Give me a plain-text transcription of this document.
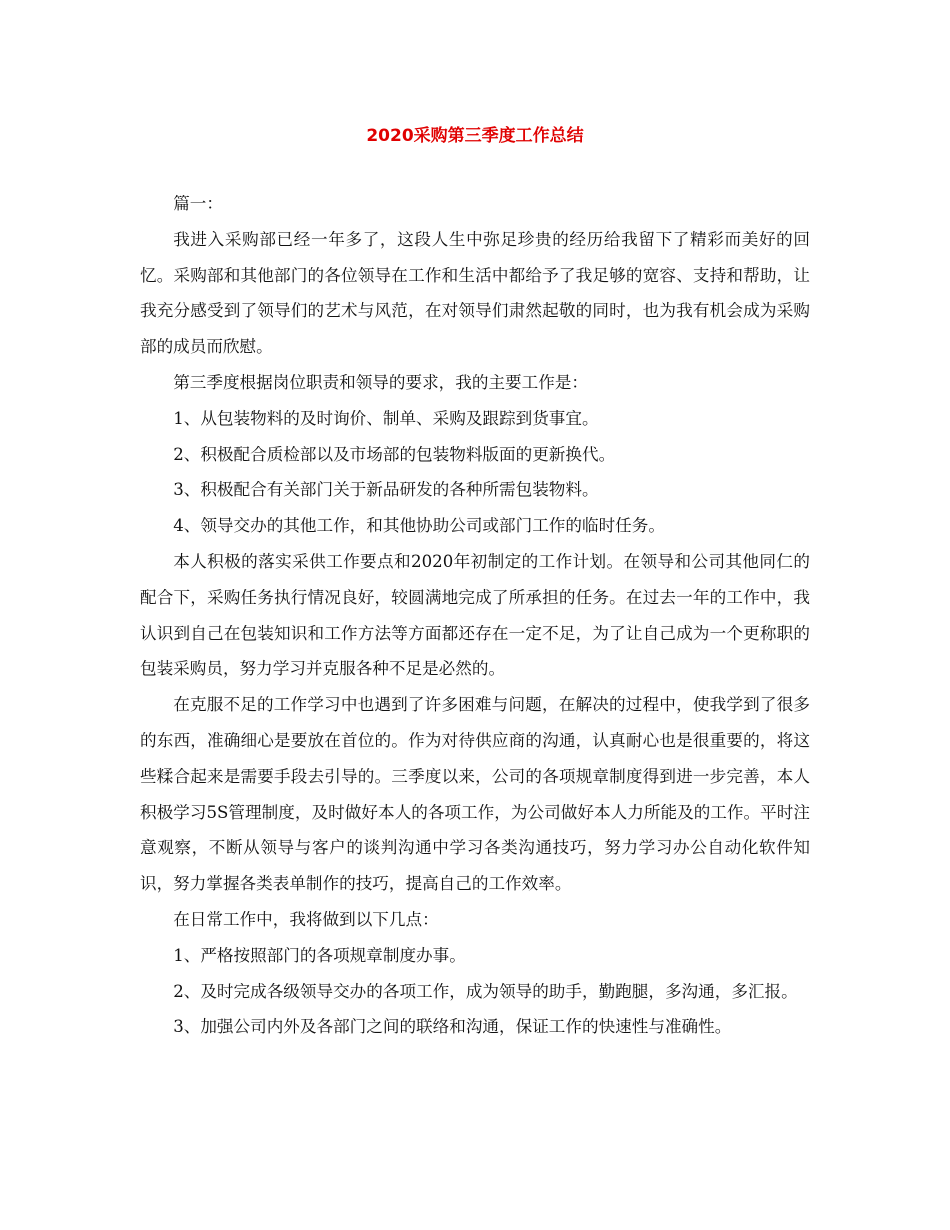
2020采购第三季度工作总结

篇一：

我进入采购部已经一年多了，这段人生中弥足珍贵的经历给我留下了精彩而美好的回忆。采购部和其他部门的各位领导在工作和生活中都给予了我足够的宽容、支持和帮助，让我充分感受到了领导们的艺术与风范，在对领导们肃然起敬的同时，也为我有机会成为采购部的成员而欣慰。

第三季度根据岗位职责和领导的要求，我的主要工作是：

1、从包装物料的及时询价、制单、采购及跟踪到货事宜。

2、积极配合质检部以及市场部的包装物料版面的更新换代。

3、积极配合有关部门关于新品研发的各种所需包装物料。

4、领导交办的其他工作，和其他协助公司或部门工作的临时任务。

本人积极的落实采供工作要点和2020年初制定的工作计划。在领导和公司其他同仁的配合下，采购任务执行情况良好，较圆满地完成了所承担的任务。在过去一年的工作中，我认识到自己在包装知识和工作方法等方面都还存在一定不足，为了让自己成为一个更称职的包装采购员，努力学习并克服各种不足是必然的。

在克服不足的工作学习中也遇到了许多困难与问题，在解决的过程中，使我学到了很多的东西，准确细心是要放在首位的。作为对待供应商的沟通，认真耐心也是很重要的，将这些糅合起来是需要手段去引导的。三季度以来，公司的各项规章制度得到进一步完善，本人积极学习5S管理制度，及时做好本人的各项工作，为公司做好本人力所能及的工作。平时注意观察，不断从领导与客户的谈判沟通中学习各类沟通技巧，努力学习办公自动化软件知识，努力掌握各类表单制作的技巧，提高自己的工作效率。

在日常工作中，我将做到以下几点：

1、严格按照部门的各项规章制度办事。

2、及时完成各级领导交办的各项工作，成为领导的助手，勤跑腿，多沟通，多汇报。

3、加强公司内外及各部门之间的联络和沟通，保证工作的快速性与准确性。
